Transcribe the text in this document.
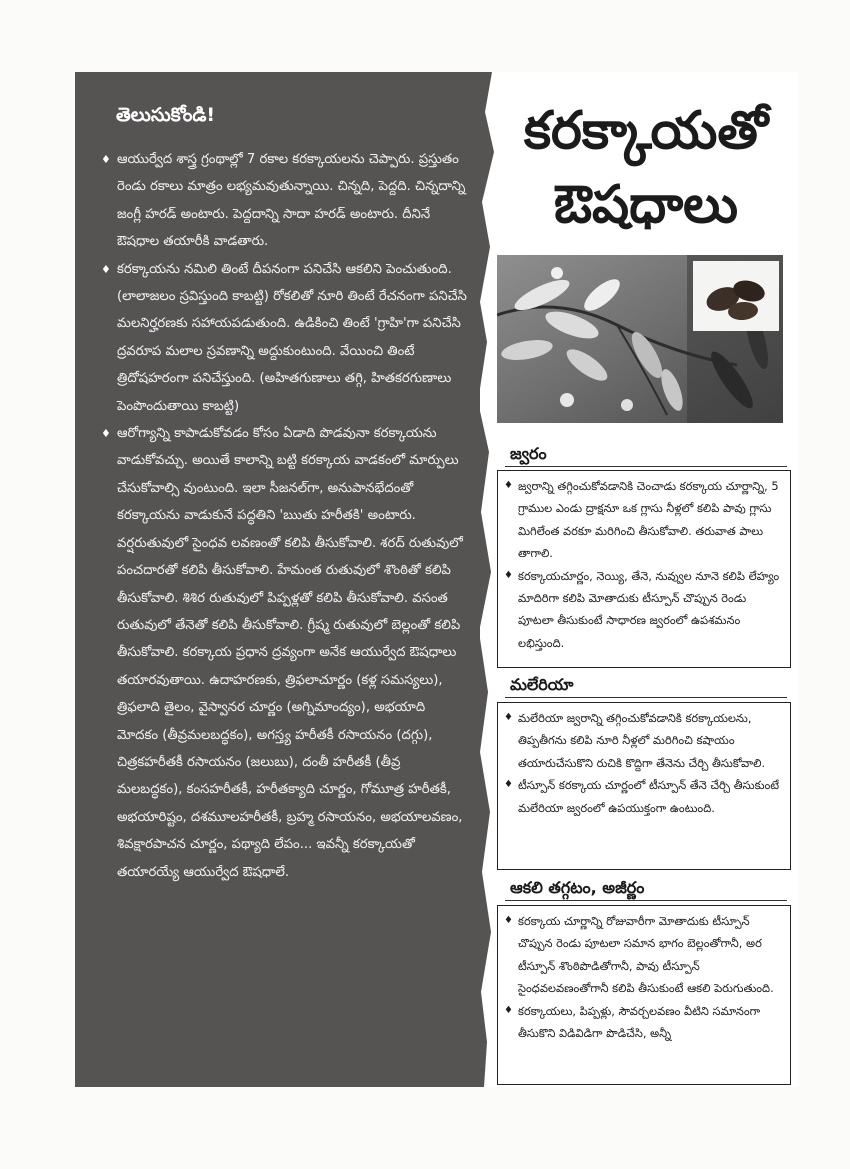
తెలుసుకోండి!

♦ ఆయుర్వేద శాస్త్ర గ్రంథాల్లో 7 రకాల కరక్కాయలను చెప్పారు. ప్రస్తుతం రెండు రకాలు మాత్రం లభ్యమవుతున్నాయి. చిన్నది, పెద్దది. చిన్నదాన్ని జంగ్లీ హరడ్ అంటారు. పెద్దదాన్ని సాదా హరడ్ అంటారు. దీనినే ఔషధాల తయారీకి వాడతారు.

♦ కరక్కాయను నమిలి తింటే దీపనంగా పనిచేసి ఆకలిని పెంచుతుంది.(లాలాజలం స్రవిస్తుంది కాబట్టి) రోకలితో నూరి తింటే రేచనంగా పనిచేసి మలనిర్హరణకు సహాయపడుతుంది. ఉడికించి తింటే 'గ్రాహి'గా పనిచేసి ద్రవరూప మలాల స్రవణాన్ని అద్దుకుంటుంది. వేయించి తింటే త్రిదోషహరంగా పనిచేస్తుంది. (అహితగుణాలు తగ్గి, హితకరగుణాలు పెంపొందుతాయి కాబట్టి)

♦ ఆరోగ్యాన్ని కాపాడుకోవడం కోసం ఏడాది పొడవునా కరక్కాయను వాడుకోవచ్చు. అయితే కాలాన్ని బట్టి కరక్కాయ వాడకంలో మార్పులు చేసుకోవాల్సి వుంటుంది. ఇలా సీజనల్‌గా, అనుపానభేదంతో కరక్కాయను వాడుకునే పద్ధతిని 'ఋతు హరీతకి' అంటారు. వర్షరుతువులో సైంధవ లవణంతో కలిపి తీసుకోవాలి. శరద్ రుతువులో పంచదారతో కలిపి తీసుకోవాలి. హేమంత రుతువులో శొంఠితో కలిపి తీసుకోవాలి. శిశిర రుతువులో పిప్పళ్లతో కలిపి తీసుకోవాలి. వసంత రుతువులో తేనెతో కలిపి తీసుకోవాలి. గ్రీష్మ రుతువులో బెల్లంతో కలిపి తీసుకోవాలి. కరక్కాయ ప్రధాన ద్రవ్యంగా అనేక ఆయుర్వేద ఔషధాలు తయారవుతాయి. ఉదాహరణకు, త్రిఫలాచూర్ణం (కళ్ల సమస్యలు), త్రిఫలాది తైలం, వైస్వానర చూర్ణం (అగ్నిమాంద్యం), అభయాది మోదకం (తీవ్రమలబద్ధకం), అగస్త్య హరీతకీ రసాయనం (దగ్గు), చిత్రకహరీతకీ రసాయనం (జలుబు), దంతీ హరీతకీ (తీవ్ర మలబద్ధకం), కంసహరీతకీ, హరీతక్యాది చూర్ణం, గోమూత్ర హరీతకీ, అభయారిష్టం, దశమూలహరీతకీ, బ్రహ్మ రసాయనం, అభయాలవణం, శివక్షారపాచన చూర్ణం, పథ్యాది లేపం... ఇవన్నీ కరక్కాయతో తయారయ్యే ఆయుర్వేద ఔషధాలే.

కరక్కాయతో
ఔషధాలు
జ్వరం

♦ జ్వరాన్ని తగ్గించుకోవడానికి చెంచాడు కరక్కాయ చూర్ణాన్ని, 5 గ్రాముల ఎండు ద్రాక్షనూ ఒక గ్లాసు నీళ్లలో కలిపి పావు గ్లాసు మిగిలేంత వరకూ మరిగించి తీసుకోవాలి. తరువాత పాలు తాగాలి.

♦ కరక్కాయచూర్ణం, నెయ్యి, తేనె, నువ్వుల నూనె కలిపి లేహ్యం మాదిరిగా కలిపి మోతాదుకు టీస్పూన్ చొప్పున రెండు పూటలా తీసుకుంటే సాధారణ జ్వరంలో ఉపశమనం లభిస్తుంది.

మలేరియా

♦ మలేరియా జ్వరాన్ని తగ్గించుకోవడానికి కరక్కాయలను, తిప్పతీగను కలిపి నూరి నీళ్లలో మరిగించి కషాయం తయారుచేసుకొని రుచికి కొద్దిగా తేనెను చేర్చి తీసుకోవాలి.

♦ టీస్పూన్ కరక్కాయ చూర్ణంలో టీస్పూన్ తేనె చేర్చి తీసుకుంటే మలేరియా జ్వరంలో ఉపయుక్తంగా ఉంటుంది.

ఆకలి తగ్గటం, అజీర్ణం

♦ కరక్కాయ చూర్ణాన్ని రోజువారీగా మోతాదుకు టీస్పూన్ చొప్పున రెండు పూటలా సమాన భాగం బెల్లంతోగానీ, అర టీస్పూన్ శొంఠిపొడితోగానీ, పావు టీస్పూన్ సైంధవలవణంతోగానీ కలిపి తీసుకుంటే ఆకలి పెరుగుతుంది.

♦ కరక్కాయలు, పిప్పళ్లు, సౌవర్చలవణం వీటిని సమానంగా తీసుకొని విడివిడిగా పొడిచేసి, అన్నీ
